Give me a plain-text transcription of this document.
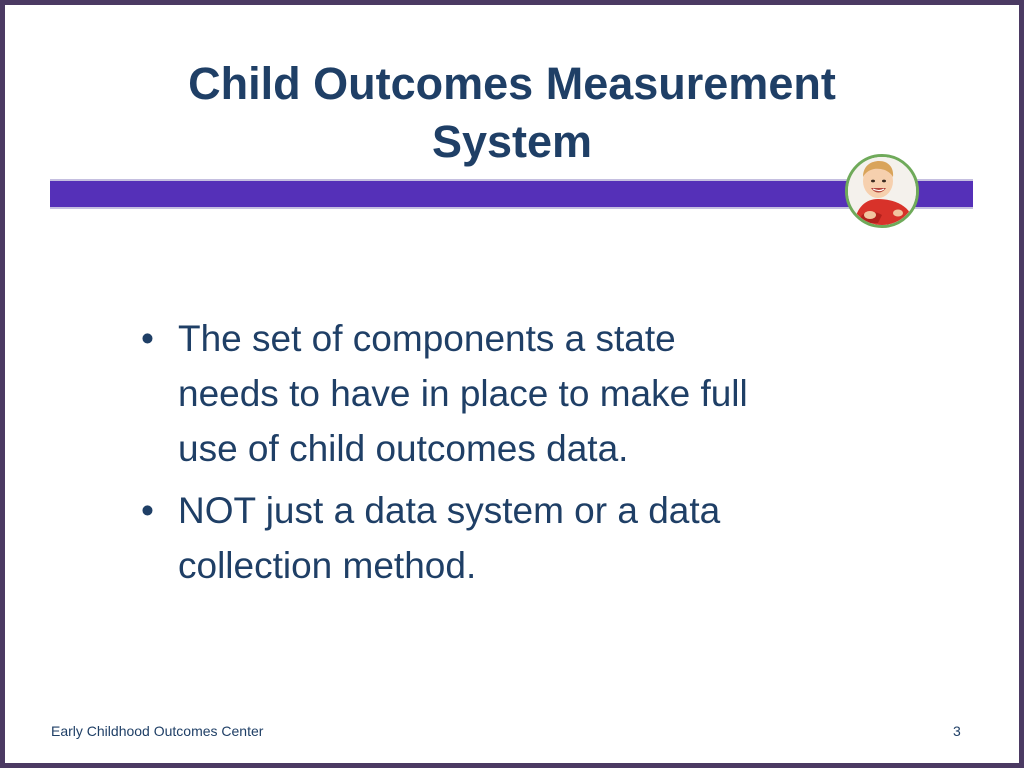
Child Outcomes Measurement
System
• The set of components a state
needs to have in place to make full
use of child outcomes data.
• NOT just a data system or a data
collection method.
Early Childhood Outcomes Center	3
